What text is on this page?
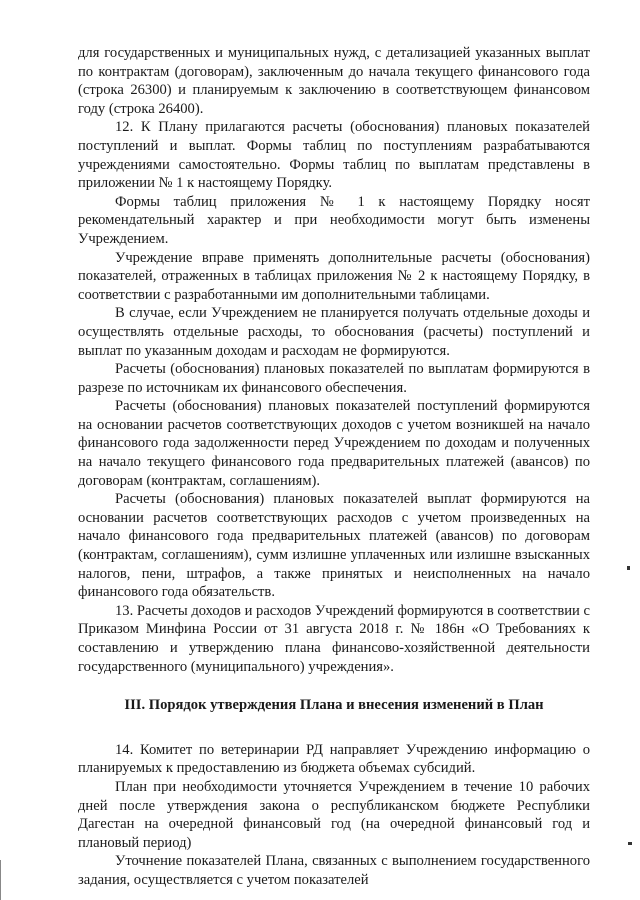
для государственных и муниципальных нужд, с детализацией указанных выплат по контрактам (договорам), заключенным до начала текущего финансового года (строка 26300) и планируемым к заключению в соответствующем финансовом году (строка 26400).

12. К Плану прилагаются расчеты (обоснования) плановых показателей поступлений и выплат. Формы таблиц по поступлениям разрабатываются учреждениями самостоятельно. Формы таблиц по выплатам представлены в приложении № 1 к настоящему Порядку.

Формы таблиц приложения № 1 к настоящему Порядку носят рекомендательный характер и при необходимости могут быть изменены Учреждением.

Учреждение вправе применять дополнительные расчеты (обоснования) показателей, отраженных в таблицах приложения № 2 к настоящему Порядку, в соответствии с разработанными им дополнительными таблицами.

В случае, если Учреждением не планируется получать отдельные доходы и осуществлять отдельные расходы, то обоснования (расчеты) поступлений и выплат по указанным доходам и расходам не формируются.

Расчеты (обоснования) плановых показателей по выплатам формируются в разрезе по источникам их финансового обеспечения.

Расчеты (обоснования) плановых показателей поступлений формируются на основании расчетов соответствующих доходов с учетом возникшей на начало финансового года задолженности перед Учреждением по доходам и полученных на начало текущего финансового года предварительных платежей (авансов) по договорам (контрактам, соглашениям).

Расчеты (обоснования) плановых показателей выплат формируются на основании расчетов соответствующих расходов с учетом произведенных на начало финансового года предварительных платежей (авансов) по договорам (контрактам, соглашениям), сумм излишне уплаченных или излишне взысканных налогов, пени, штрафов, а также принятых и неисполненных на начало финансового года обязательств.

13. Расчеты доходов и расходов Учреждений формируются в соответствии с Приказом Минфина России от 31 августа 2018 г. № 186н «О Требованиях к составлению и утверждению плана финансово-хозяйственной деятельности государственного (муниципального) учреждения».

III. Порядок утверждения Плана и внесения изменений в План

14. Комитет по ветеринарии РД направляет Учреждению информацию о планируемых к предоставлению из бюджета объемах субсидий.

План при необходимости уточняется Учреждением в течение 10 рабочих дней после утверждения закона о республиканском бюджете Республики Дагестан на очередной финансовый год (на очередной финансовый год и плановый период)

Уточнение показателей Плана, связанных с выполнением государственного задания, осуществляется с учетом показателей
